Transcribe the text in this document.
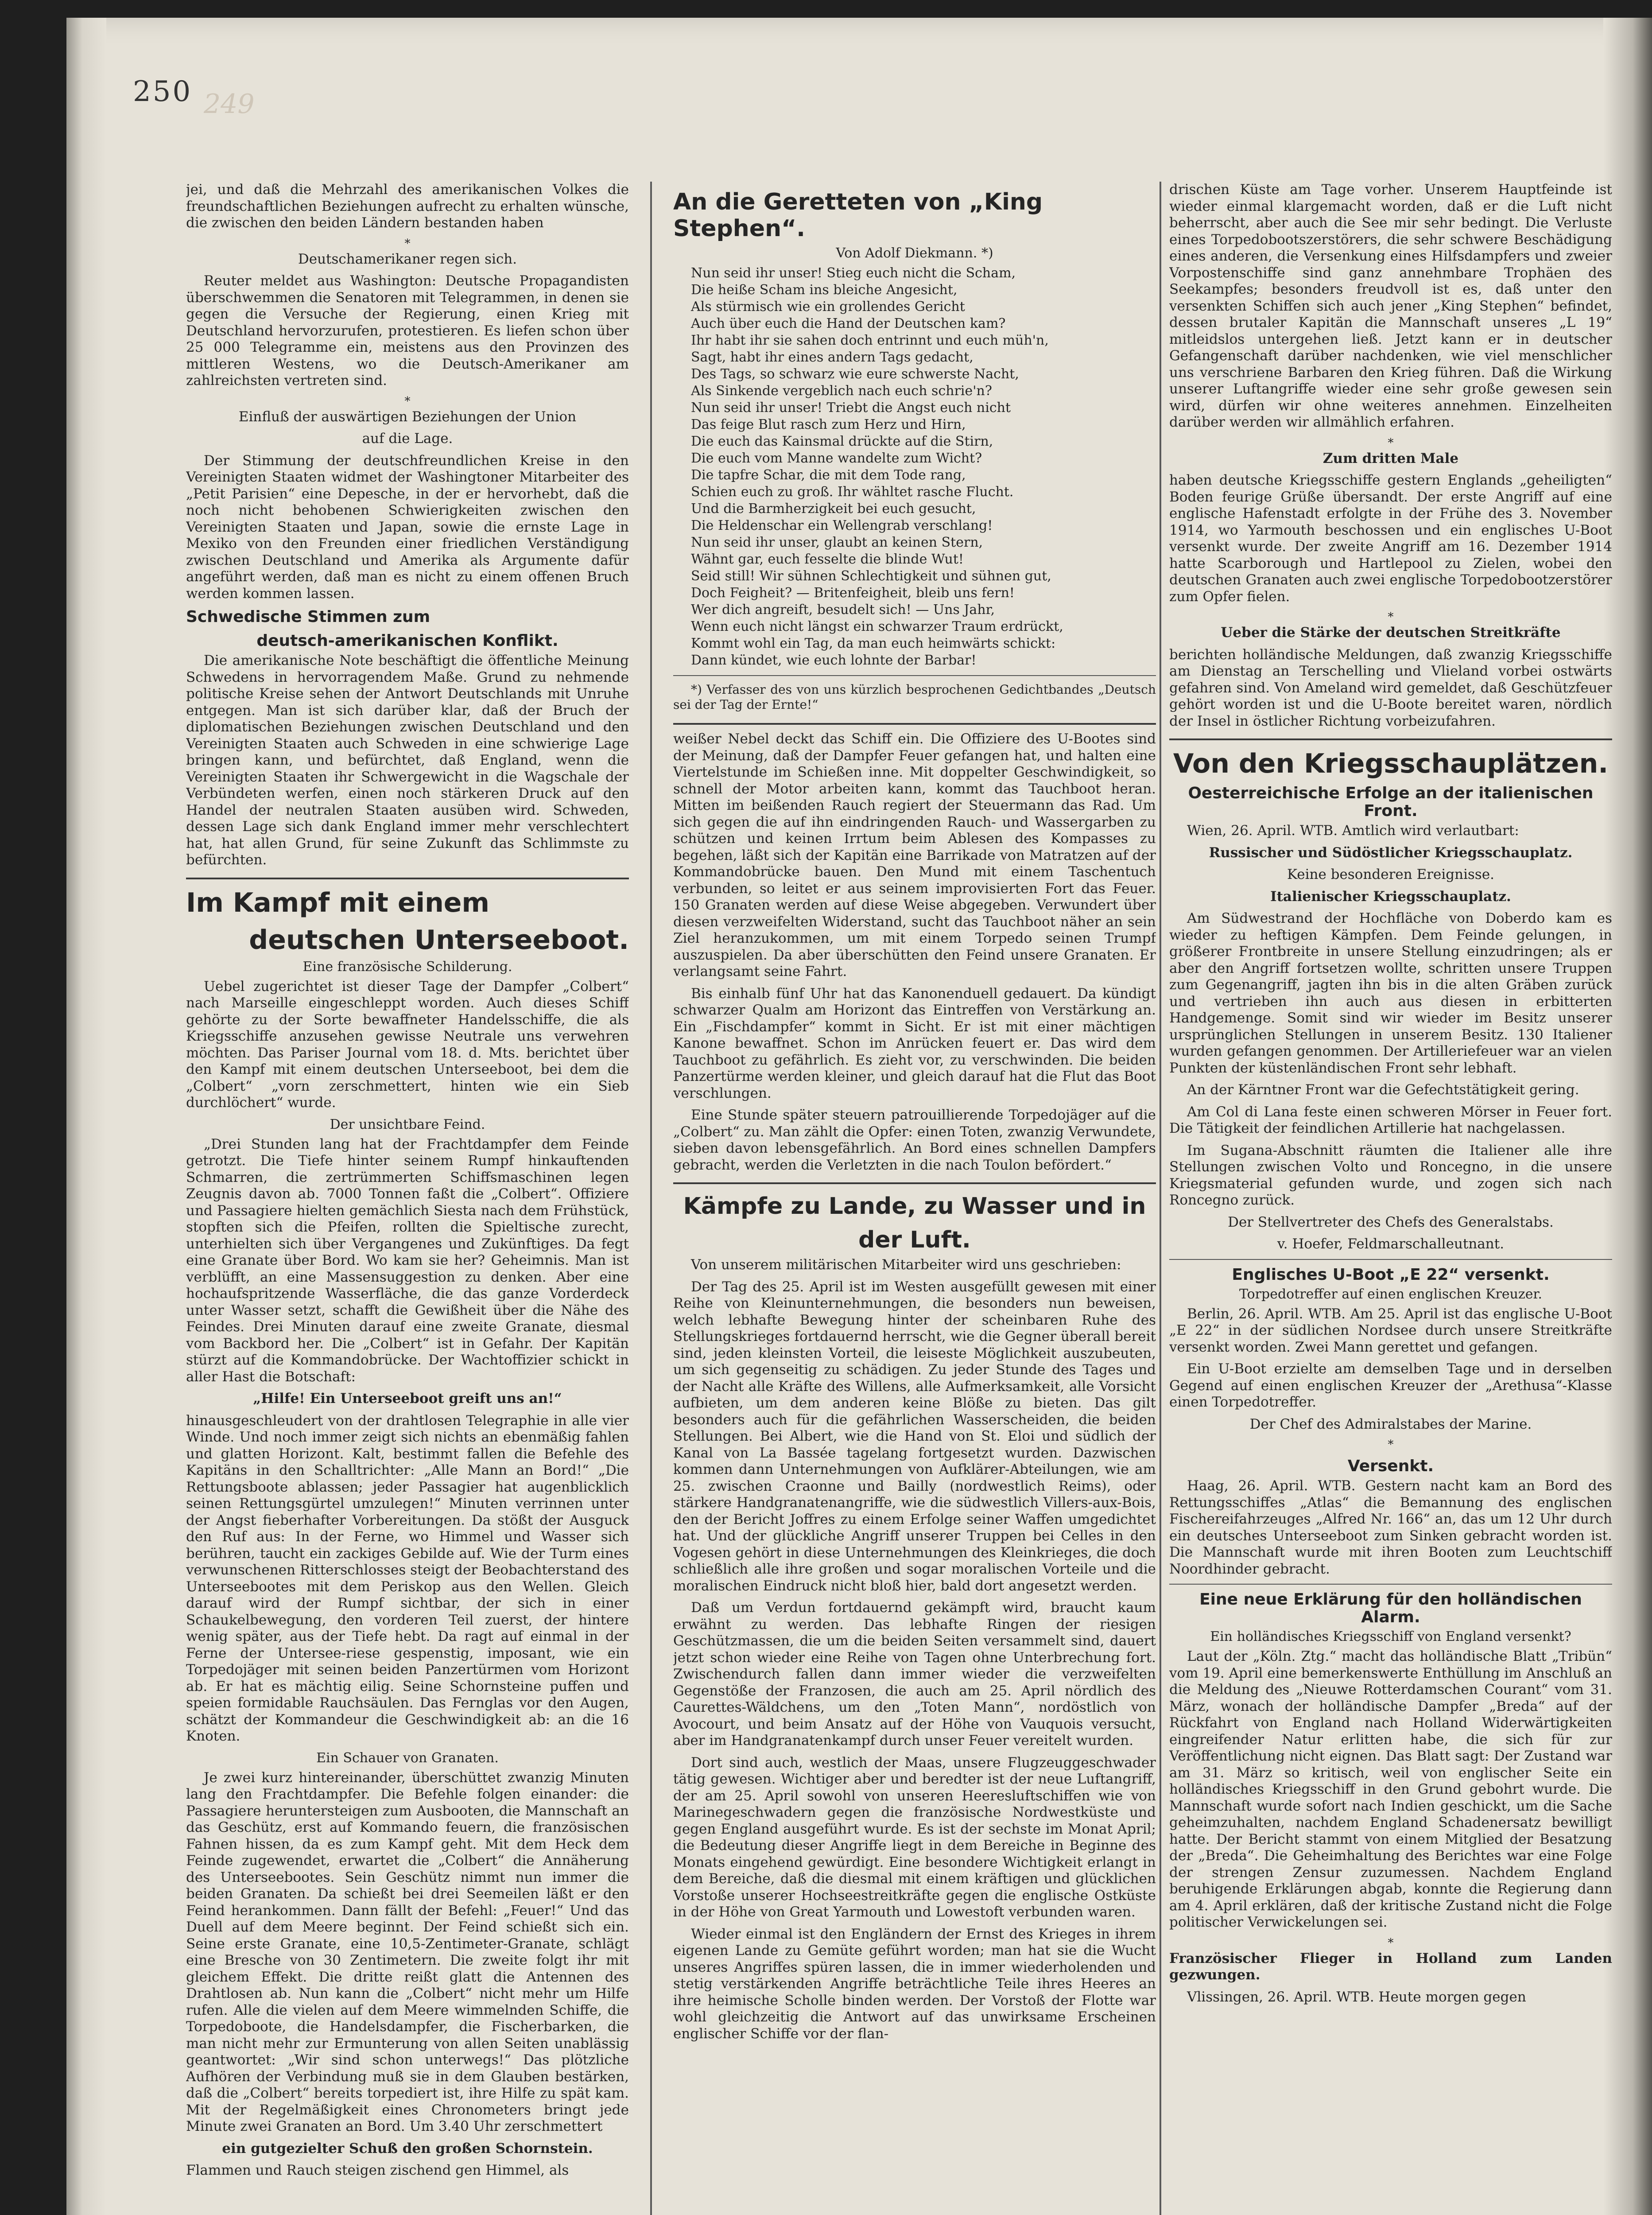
250 249

jei, und daß die Mehrzahl des amerikanischen Volkes die freundschaftlichen Beziehungen aufrecht zu erhalten wünsche, die zwischen den beiden Ländern bestanden haben

*

Deutschamerikaner regen sich.

Reuter meldet aus Washington: Deutsche Propagandisten überschwemmen die Senatoren mit Telegrammen, in denen sie gegen die Versuche der Regierung, einen Krieg mit Deutschland hervorzurufen, protestieren. Es liefen schon über 25 000 Telegramme ein, meistens aus den Provinzen des mittleren Westens, wo die Deutsch-Amerikaner am zahlreichsten vertreten sind.

*

Einfluß der auswärtigen Beziehungen der Union

auf die Lage.

Der Stimmung der deutschfreundlichen Kreise in den Vereinigten Staaten widmet der Washingtoner Mitarbeiter des „Petit Parisien“ eine Depesche, in der er hervorhebt, daß die noch nicht behobenen Schwierigkeiten zwischen den Vereinigten Staaten und Japan, sowie die ernste Lage in Mexiko von den Freunden einer friedlichen Verständigung zwischen Deutschland und Amerika als Argumente dafür angeführt werden, daß man es nicht zu einem offenen Bruch werden kommen lassen.

Schwedische Stimmen zum
deutsch-amerikanischen Konflikt.

Die amerikanische Note beschäftigt die öffentliche Meinung Schwedens in hervorragendem Maße. Grund zu nehmende politische Kreise sehen der Antwort Deutschlands mit Unruhe entgegen. Man ist sich darüber klar, daß der Bruch der diplomatischen Beziehungen zwischen Deutschland und den Vereinigten Staaten auch Schweden in eine schwierige Lage bringen kann, und befürchtet, daß England, wenn die Vereinigten Staaten ihr Schwergewicht in die Wagschale der Verbündeten werfen, einen noch stärkeren Druck auf den Handel der neutralen Staaten ausüben wird. Schweden, dessen Lage sich dank England immer mehr verschlechtert hat, hat allen Grund, für seine Zukunft das Schlimmste zu befürchten.

Im Kampf mit einem
deutschen Unterseeboot.

Eine französische Schilderung.

Uebel zugerichtet ist dieser Tage der Dampfer „Colbert“ nach Marseille eingeschleppt worden. Auch dieses Schiff gehörte zu der Sorte bewaffneter Handelsschiffe, die als Kriegsschiffe anzusehen gewisse Neutrale uns verwehren möchten. Das Pariser Journal vom 18. d. Mts. berichtet über den Kampf mit einem deutschen Unterseeboot, bei dem die „Colbert“ „vorn zerschmettert, hinten wie ein Sieb durchlöchert“ wurde.

Der unsichtbare Feind.

„Drei Stunden lang hat der Frachtdampfer dem Feinde getrotzt. Die Tiefe hinter seinem Rumpf hinkauftenden Schmarren, die zertrümmerten Schiffsmaschinen legen Zeugnis davon ab. 7000 Tonnen faßt die „Colbert“. Offiziere und Passagiere hielten gemächlich Siesta nach dem Frühstück, stopften sich die Pfeifen, rollten die Spieltische zurecht, unterhielten sich über Vergangenes und Zukünftiges. Da fegt eine Granate über Bord. Wo kam sie her? Geheimnis. Man ist verblüfft, an eine Massensuggestion zu denken. Aber eine hochaufspritzende Wasserfläche, die das ganze Vorderdeck unter Wasser setzt, schafft die Gewißheit über die Nähe des Feindes. Drei Minuten darauf eine zweite Granate, diesmal vom Backbord her. Die „Colbert“ ist in Gefahr. Der Kapitän stürzt auf die Kommandobrücke. Der Wachtoffizier schickt in aller Hast die Botschaft:

„Hilfe! Ein Unterseeboot greift uns an!“

hinausgeschleudert von der drahtlosen Telegraphie in alle vier Winde. Und noch immer zeigt sich nichts an ebenmäßig fahlen und glatten Horizont. Kalt, bestimmt fallen die Befehle des Kapitäns in den Schalltrichter: „Alle Mann an Bord!“ „Die Rettungsboote ablassen; jeder Passagier hat augenblicklich seinen Rettungsgürtel umzulegen!“ Minuten verrinnen unter der Angst fieberhafter Vorbereitungen. Da stößt der Ausguck den Ruf aus: In der Ferne, wo Himmel und Wasser sich berühren, taucht ein zackiges Gebilde auf. Wie der Turm eines verwunschenen Ritterschlosses steigt der Beobachterstand des Unterseebootes mit dem Periskop aus den Wellen. Gleich darauf wird der Rumpf sichtbar, der sich in einer Schaukelbewegung, den vorderen Teil zuerst, der hintere wenig später, aus der Tiefe hebt. Da ragt auf einmal in der Ferne der Untersee-riese gespenstig, imposant, wie ein Torpedojäger mit seinen beiden Panzertürmen vom Horizont ab. Er hat es mächtig eilig. Seine Schornsteine puffen und speien formidable Rauchsäulen. Das Fernglas vor den Augen, schätzt der Kommandeur die Geschwindigkeit ab: an die 16 Knoten.

Ein Schauer von Granaten.

Je zwei kurz hintereinander, überschüttet zwanzig Minuten lang den Frachtdampfer. Die Befehle folgen einander: die Passagiere heruntersteigen zum Ausbooten, die Mannschaft an das Geschütz, erst auf Kommando feuern, die französischen Fahnen hissen, da es zum Kampf geht. Mit dem Heck dem Feinde zugewendet, erwartet die „Colbert“ die Annäherung des Unterseebootes. Sein Geschütz nimmt nun immer die beiden Granaten. Da schießt bei drei Seemeilen läßt er den Feind herankommen. Dann fällt der Befehl: „Feuer!“ Und das Duell auf dem Meere beginnt. Der Feind schießt sich ein. Seine erste Granate, eine 10,5-Zentimeter-Granate, schlägt eine Bresche von 30 Zentimetern. Die zweite folgt ihr mit gleichem Effekt. Die dritte reißt glatt die Antennen des Drahtlosen ab. Nun kann die „Colbert“ nicht mehr um Hilfe rufen. Alle die vielen auf dem Meere wimmelnden Schiffe, die Torpedoboote, die Handelsdampfer, die Fischerbarken, die man nicht mehr zur Ermunterung von allen Seiten unablässig geantwortet: „Wir sind schon unterwegs!“ Das plötzliche Aufhören der Verbindung muß sie in dem Glauben bestärken, daß die „Colbert“ bereits torpediert ist, ihre Hilfe zu spät kam. Mit der Regelmäßigkeit eines Chronometers bringt jede Minute zwei Granaten an Bord. Um 3.40 Uhr zerschmettert

ein gutgezielter Schuß den großen Schornstein.

Flammen und Rauch steigen zischend gen Himmel, als

An die Geretteten von „King Stephen“.

Von Adolf Diekmann. *)

Nun seid ihr unser! Stieg euch nicht die Scham,

Die heiße Scham ins bleiche Angesicht,

Als stürmisch wie ein grollendes Gericht

Auch über euch die Hand der Deutschen kam?

Ihr habt ihr sie sahen doch entrinnt und euch müh'n,

Sagt, habt ihr eines andern Tags gedacht,

Des Tags, so schwarz wie eure schwerste Nacht,

Als Sinkende vergeblich nach euch schrie'n?

Nun seid ihr unser! Triebt die Angst euch nicht

Das feige Blut rasch zum Herz und Hirn,

Die euch das Kainsmal drückte auf die Stirn,

Die euch vom Manne wandelte zum Wicht?

Die tapfre Schar, die mit dem Tode rang,

Schien euch zu groß. Ihr wähltet rasche Flucht.

Und die Barmherzigkeit bei euch gesucht,

Die Heldenschar ein Wellengrab verschlang!

Nun seid ihr unser, glaubt an keinen Stern,

Wähnt gar, euch fesselte die blinde Wut!

Seid still! Wir sühnen Schlechtigkeit und sühnen gut,

Doch Feigheit? — Britenfeigheit, bleib uns fern!

Wer dich angreift, besudelt sich! — Uns Jahr,

Wenn euch nicht längst ein schwarzer Traum erdrückt,

Kommt wohl ein Tag, da man euch heimwärts schickt:

Dann kündet, wie euch lohnte der Barbar!

*) Verfasser des von uns kürzlich besprochenen Gedichtbandes „Deutsch sei der Tag der Ernte!“

weißer Nebel deckt das Schiff ein. Die Offiziere des U-Bootes sind der Meinung, daß der Dampfer Feuer gefangen hat, und halten eine Viertelstunde im Schießen inne. Mit doppelter Geschwindigkeit, so schnell der Motor arbeiten kann, kommt das Tauchboot heran. Mitten im beißenden Rauch regiert der Steuermann das Rad. Um sich gegen die auf ihn eindringenden Rauch- und Wassergarben zu schützen und keinen Irrtum beim Ablesen des Kompasses zu begehen, läßt sich der Kapitän eine Barrikade von Matratzen auf der Kommandobrücke bauen. Den Mund mit einem Taschentuch verbunden, so leitet er aus seinem improvisierten Fort das Feuer. 150 Granaten werden auf diese Weise abgegeben. Verwundert über diesen verzweifelten Widerstand, sucht das Tauchboot näher an sein Ziel heranzukommen, um mit einem Torpedo seinen Trumpf auszuspielen. Da aber überschütten den Feind unsere Granaten. Er verlangsamt seine Fahrt.

Bis einhalb fünf Uhr hat das Kanonenduell gedauert. Da kündigt schwarzer Qualm am Horizont das Eintreffen von Verstärkung an. Ein „Fischdampfer“ kommt in Sicht. Er ist mit einer mächtigen Kanone bewaffnet. Schon im Anrücken feuert er. Das wird dem Tauchboot zu gefährlich. Es zieht vor, zu verschwinden. Die beiden Panzertürme werden kleiner, und gleich darauf hat die Flut das Boot verschlungen.

Eine Stunde später steuern patrouillierende Torpedojäger auf die „Colbert“ zu. Man zählt die Opfer: einen Toten, zwanzig Verwundete, sieben davon lebensgefährlich. An Bord eines schnellen Dampfers gebracht, werden die Verletzten in die nach Toulon befördert.“

Kämpfe zu Lande, zu Wasser und in
der Luft.

Von unserem militärischen Mitarbeiter wird uns geschrieben:

Der Tag des 25. April ist im Westen ausgefüllt gewesen mit einer Reihe von Kleinunternehmungen, die besonders nun beweisen, welch lebhafte Bewegung hinter der scheinbaren Ruhe des Stellungskrieges fortdauernd herrscht, wie die Gegner überall bereit sind, jeden kleinsten Vorteil, die leiseste Möglichkeit auszubeuten, um sich gegenseitig zu schädigen. Zu jeder Stunde des Tages und der Nacht alle Kräfte des Willens, alle Aufmerksamkeit, alle Vorsicht aufbieten, um dem anderen keine Blöße zu bieten. Das gilt besonders auch für die gefährlichen Wasserscheiden, die beiden Stellungen. Bei Albert, wie die Hand von St. Eloi und südlich der Kanal von La Bassée tagelang fortgesetzt wurden. Dazwischen kommen dann Unternehmungen von Aufklärer-Abteilungen, wie am 25. zwischen Craonne und Bailly (nordwestlich Reims), oder stärkere Handgranatenangriffe, wie die südwestlich Villers-aux-Bois, den der Bericht Joffres zu einem Erfolge seiner Waffen umgedichtet hat. Und der glückliche Angriff unserer Truppen bei Celles in den Vogesen gehört in diese Unternehmungen des Kleinkrieges, die doch schließlich alle ihre großen und sogar moralischen Vorteile und die moralischen Eindruck nicht bloß hier, bald dort angesetzt werden.

Daß um Verdun fortdauernd gekämpft wird, braucht kaum erwähnt zu werden. Das lebhafte Ringen der riesigen Geschützmassen, die um die beiden Seiten versammelt sind, dauert jetzt schon wieder eine Reihe von Tagen ohne Unterbrechung fort. Zwischendurch fallen dann immer wieder die verzweifelten Gegenstöße der Franzosen, die auch am 25. April nördlich des Caurettes-Wäldchens, um den „Toten Mann“, nordöstlich von Avocourt, und beim Ansatz auf der Höhe von Vauquois versucht, aber im Handgranatenkampf durch unser Feuer vereitelt wurden.

Dort sind auch, westlich der Maas, unsere Flugzeuggeschwader tätig gewesen. Wichtiger aber und beredter ist der neue Luftangriff, der am 25. April sowohl von unseren Heeresluftschiffen wie von Marinegeschwadern gegen die französische Nordwestküste und gegen England ausgeführt wurde. Es ist der sechste im Monat April; die Bedeutung dieser Angriffe liegt in dem Bereiche in Beginne des Monats eingehend gewürdigt. Eine besondere Wichtigkeit erlangt in dem Bereiche, daß die diesmal mit einem kräftigen und glücklichen Vorstoße unserer Hochseestreitkräfte gegen die englische Ostküste in der Höhe von Great Yarmouth und Lowestoft verbunden waren.

Wieder einmal ist den Engländern der Ernst des Krieges in ihrem eigenen Lande zu Gemüte geführt worden; man hat sie die Wucht unseres Angriffes spüren lassen, die in immer wiederholenden und stetig verstärkenden Angriffe beträchtliche Teile ihres Heeres an ihre heimische Scholle binden werden. Der Vorstoß der Flotte war wohl gleichzeitig die Antwort auf das unwirksame Erscheinen englischer Schiffe vor der flan-

drischen Küste am Tage vorher. Unserem Hauptfeinde ist wieder einmal klargemacht worden, daß er die Luft nicht beherrscht, aber auch die See mir sehr bedingt. Die Verluste eines Torpedobootszerstörers, die sehr schwere Beschädigung eines anderen, die Versenkung eines Hilfsdampfers und zweier Vorpostenschiffe sind ganz annehmbare Trophäen des Seekampfes; besonders freudvoll ist es, daß unter den versenkten Schiffen sich auch jener „King Stephen“ befindet, dessen brutaler Kapitän die Mannschaft unseres „L 19“ mitleidslos untergehen ließ. Jetzt kann er in deutscher Gefangenschaft darüber nachdenken, wie viel menschlicher uns verschriene Barbaren den Krieg führen. Daß die Wirkung unserer Luftangriffe wieder eine sehr große gewesen sein wird, dürfen wir ohne weiteres annehmen. Einzelheiten darüber werden wir allmählich erfahren.

*

Zum dritten Male

haben deutsche Kriegsschiffe gestern Englands „geheiligten“ Boden feurige Grüße übersandt. Der erste Angriff auf eine englische Hafenstadt erfolgte in der Frühe des 3. November 1914, wo Yarmouth beschossen und ein englisches U-Boot versenkt wurde. Der zweite Angriff am 16. Dezember 1914 hatte Scarborough und Hartlepool zu Zielen, wobei den deutschen Granaten auch zwei englische Torpedobootzerstörer zum Opfer fielen.

*

Ueber die Stärke der deutschen Streitkräfte

berichten holländische Meldungen, daß zwanzig Kriegsschiffe am Dienstag an Terschelling und Vlieland vorbei ostwärts gefahren sind. Von Ameland wird gemeldet, daß Geschützfeuer gehört worden ist und die U-Boote bereitet waren, nördlich der Insel in östlicher Richtung vorbeizufahren.

Von den Kriegsschauplätzen.
Oesterreichische Erfolge an der italienischen Front.

Wien, 26. April. WTB. Amtlich wird verlautbart:

Russischer und Südöstlicher Kriegsschauplatz.

Keine besonderen Ereignisse.

Italienischer Kriegsschauplatz.

Am Südwestrand der Hochfläche von Doberdo kam es wieder zu heftigen Kämpfen. Dem Feinde gelungen, in größerer Frontbreite in unsere Stellung einzudringen; als er aber den Angriff fortsetzen wollte, schritten unsere Truppen zum Gegenangriff, jagten ihn bis in die alten Gräben zurück und vertrieben ihn auch aus diesen in erbitterten Handgemenge. Somit sind wir wieder im Besitz unserer ursprünglichen Stellungen in unserem Besitz. 130 Italiener wurden gefangen genommen. Der Artilleriefeuer war an vielen Punkten der küstenländischen Front sehr lebhaft.

An der Kärntner Front war die Gefechtstätigkeit gering.

Am Col di Lana feste einen schweren Mörser in Feuer fort. Die Tätigkeit der feindlichen Artillerie hat nachgelassen.

Im Sugana-Abschnitt räumten die Italiener alle ihre Stellungen zwischen Volto und Roncegno, in die unsere Kriegsmaterial gefunden wurde, und zogen sich nach Roncegno zurück.

Der Stellvertreter des Chefs des Generalstabs.

v. Hoefer, Feldmarschalleutnant.

Englisches U-Boot „E 22“ versenkt.

Torpedotreffer auf einen englischen Kreuzer.

Berlin, 26. April. WTB. Am 25. April ist das englische U-Boot „E 22“ in der südlichen Nordsee durch unsere Streitkräfte versenkt worden. Zwei Mann gerettet und gefangen.

Ein U-Boot erzielte am demselben Tage und in derselben Gegend auf einen englischen Kreuzer der „Arethusa“-Klasse einen Torpedotreffer.

Der Chef des Admiralstabes der Marine.

*
Versenkt.

Haag, 26. April. WTB. Gestern nacht kam an Bord des Rettungsschiffes „Atlas“ die Bemannung des englischen Fischereifahrzeuges „Alfred Nr. 166“ an, das um 12 Uhr durch ein deutsches Unterseeboot zum Sinken gebracht worden ist. Die Mannschaft wurde mit ihren Booten zum Leuchtschiff Noordhinder gebracht.

Eine neue Erklärung für den holländischen Alarm.

Ein holländisches Kriegsschiff von England versenkt?

Laut der „Köln. Ztg.“ macht das holländische Blatt „Tribün“ vom 19. April eine bemerkenswerte Enthüllung im Anschluß an die Meldung des „Nieuwe Rotterdamschen Courant“ vom 31. März, wonach der holländische Dampfer „Breda“ auf der Rückfahrt von England nach Holland Widerwärtigkeiten eingreifender Natur erlitten habe, die sich für zur Veröffentlichung nicht eignen. Das Blatt sagt: Der Zustand war am 31. März so kritisch, weil von englischer Seite ein holländisches Kriegsschiff in den Grund gebohrt wurde. Die Mannschaft wurde sofort nach Indien geschickt, um die Sache geheimzuhalten, nachdem England Schadenersatz bewilligt hatte. Der Bericht stammt von einem Mitglied der Besatzung der „Breda“. Die Geheimhaltung des Berichtes war eine Folge der strengen Zensur zuzumessen. Nachdem England beruhigende Erklärungen abgab, konnte die Regierung dann am 4. April erklären, daß der kritische Zustand nicht die Folge politischer Verwickelungen sei.

*

Französischer Flieger in Holland zum Landen gezwungen.

Vlissingen, 26. April. WTB. Heute morgen gegen
